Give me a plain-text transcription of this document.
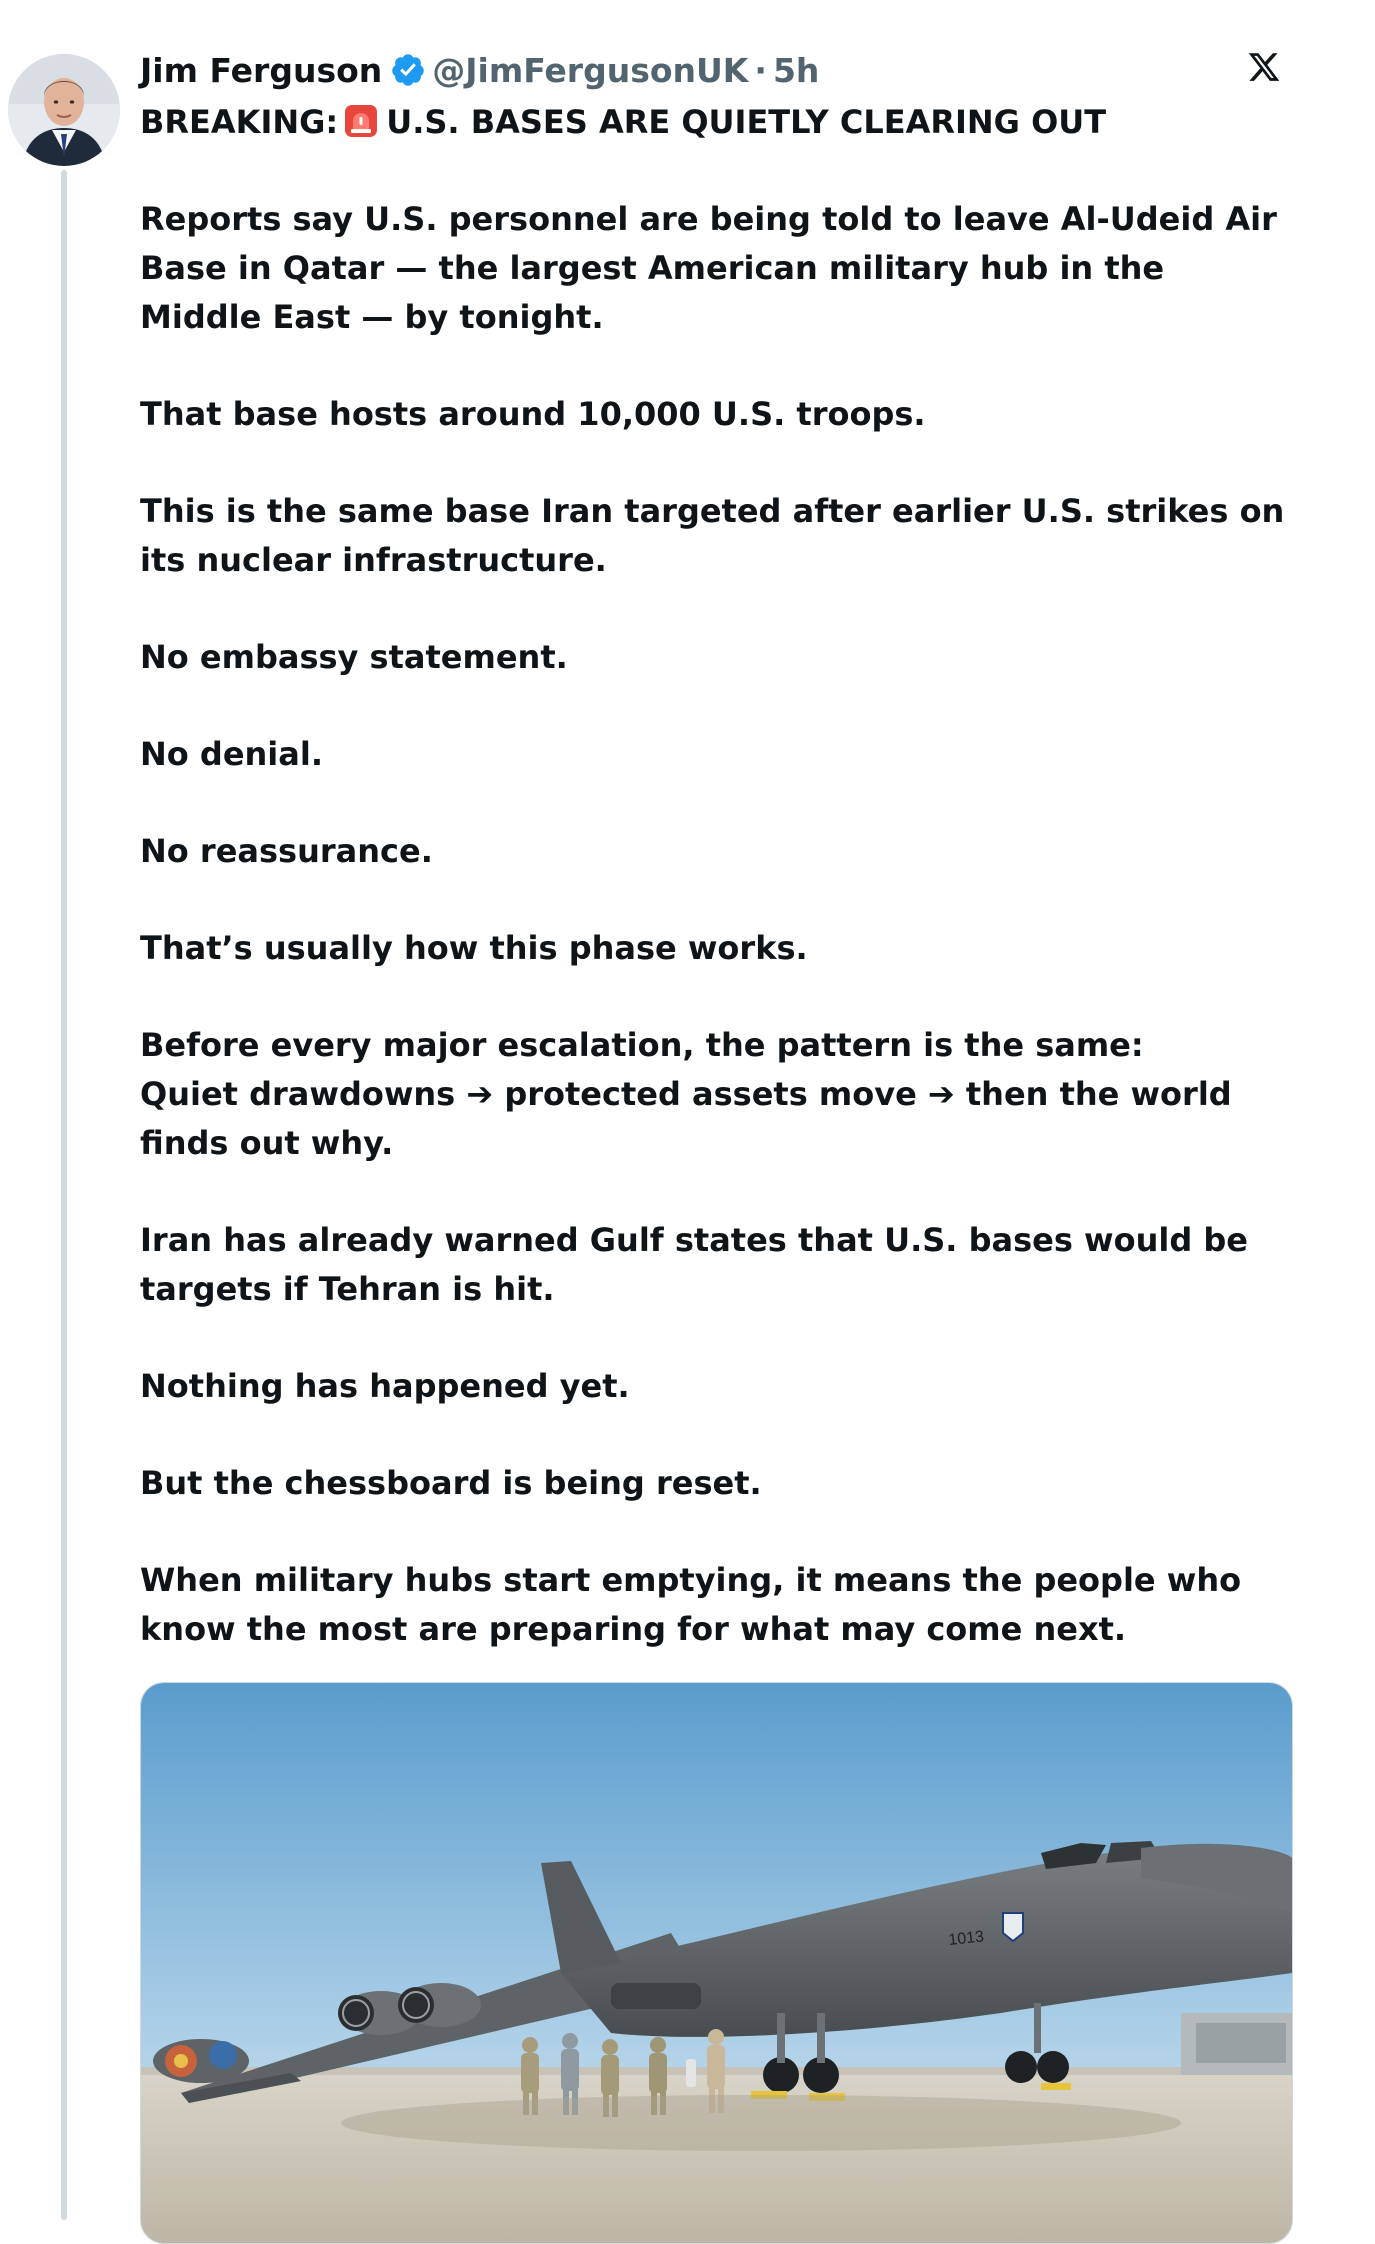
Jim Ferguson @JimFergusonUK · 5h

BREAKING: U.S. BASES ARE QUIETLY CLEARING OUT

Reports say U.S. personnel are being told to leave Al-Udeid Air Base in Qatar — the largest American military hub in the Middle East — by tonight.

That base hosts around 10,000 U.S. troops.

This is the same base Iran targeted after earlier U.S. strikes on its nuclear infrastructure.

No embassy statement.

No denial.

No reassurance.

That’s usually how this phase works.

Before every major escalation, the pattern is the same:
Quiet drawdowns ➔ protected assets move ➔ then the world finds out why.

Iran has already warned Gulf states that U.S. bases would be targets if Tehran is hit.

Nothing has happened yet.

But the chessboard is being reset.

When military hubs start emptying, it means the people who know the most are preparing for what may come next.

1013
